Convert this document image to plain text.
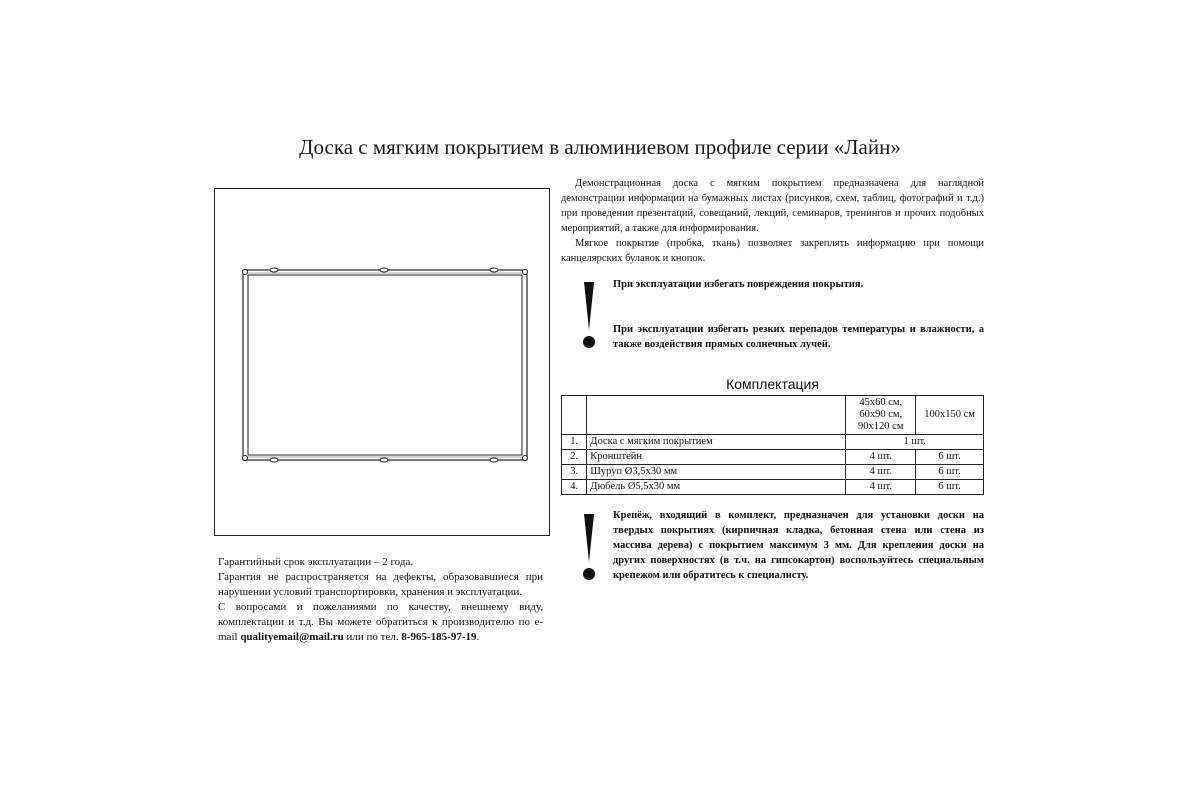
Доска с мягким покрытием в алюминиевом профиле серии «Лайн»

Демонстрационная доска с мягким покрытием предназначена для наглядной демонстрации информации на бумажных листах (рисунков, схем, таблиц, фотографий и т.д.) при проведении презентаций, совещаний, лекций, семинаров, тренингов и прочих подобных мероприятий, а также для информирования.

Мягкое покрытие (пробка, ткань) позволяет закреплять информацию при помощи канцелярских булавок и кнопок.

При эксплуатации избегать повреждения покрытия.
При эксплуатации избегать резких перепадов температуры и влажности, а также воздействия прямых солнечных лучей.
Комплектация
		45х60 см,
60х90 см,
90х120 см	100х150 см
1.	Доска с мягким покрытием	1 шт.	
2.	Кронштейн	4 шт.	6 шт.
3.	Шуруп Ø3,5х30 мм	4 шт.	6 шт.
4.	Дюбель Ø5,5х30 мм	4 шт.	6 шт.
Крепёж, входящий в комплект, предназначен для установки доски на твердых покрытиях (кирпичная кладка, бетонная стена или стена из массива дерева) с покрытием максимум 3 мм. Для крепления доски на других поверхностях (в т.ч. на гипсокартон) воспользуйтесь специальным крепежом или обратитесь к специалисту.

Гарантийный срок эксплуатации – 2 года.

Гарантия не распространяется на дефекты, образовавшиеся при нарушении условий транспортировки, хранения и эксплуатации.

С вопросами и пожеланиями по качеству, внешнему виду, комплектации и т.д. Вы можете обратиться к производителю по e-mail qualityemail@mail.ru или по тел. 8-965-185-97-19.
